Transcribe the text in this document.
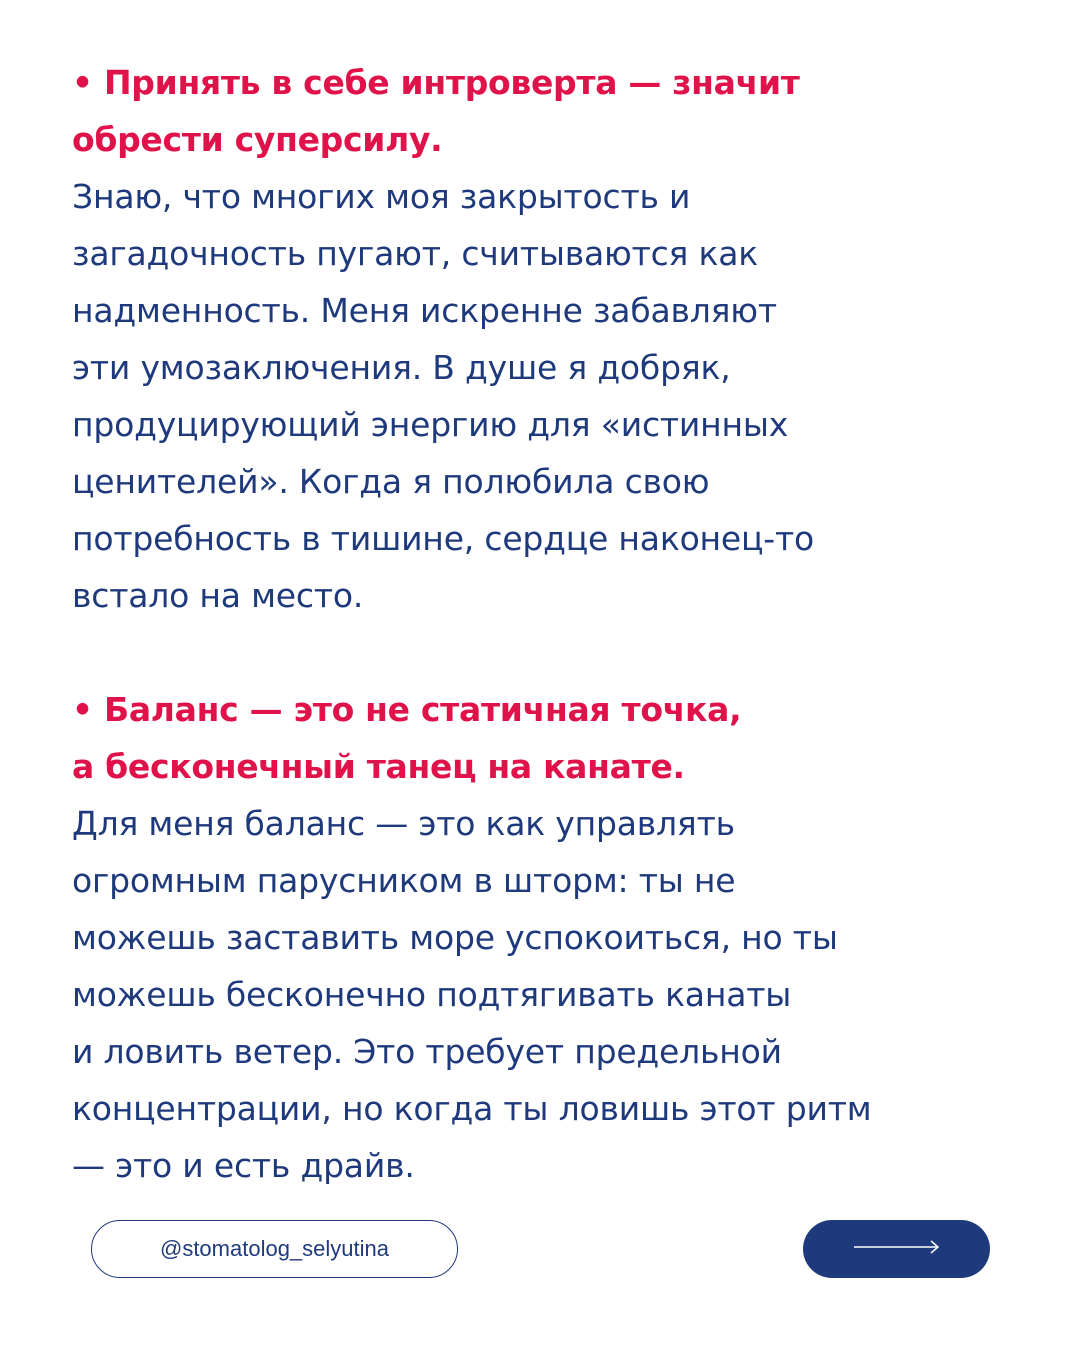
• Принять в себе интроверта — значит
обрести суперсилу.
Знаю, что многих моя закрытость и
загадочность пугают, считываются как
надменность. Меня искренне забавляют
эти умозаключения. В душе я добряк,
продуцирующий энергию для «истинных
ценителей». Когда я полюбила свою
потребность в тишине, сердце наконец-то
встало на место.
• Баланс — это не статичная точка,
а бесконечный танец на канате.
Для меня баланс — это как управлять
огромным парусником в шторм: ты не
можешь заставить море успокоиться, но ты
можешь бесконечно подтягивать канаты
и ловить ветер. Это требует предельной
концентрации, но когда ты ловишь этот ритм
— это и есть драйв.
@stomatolog_selyutina
